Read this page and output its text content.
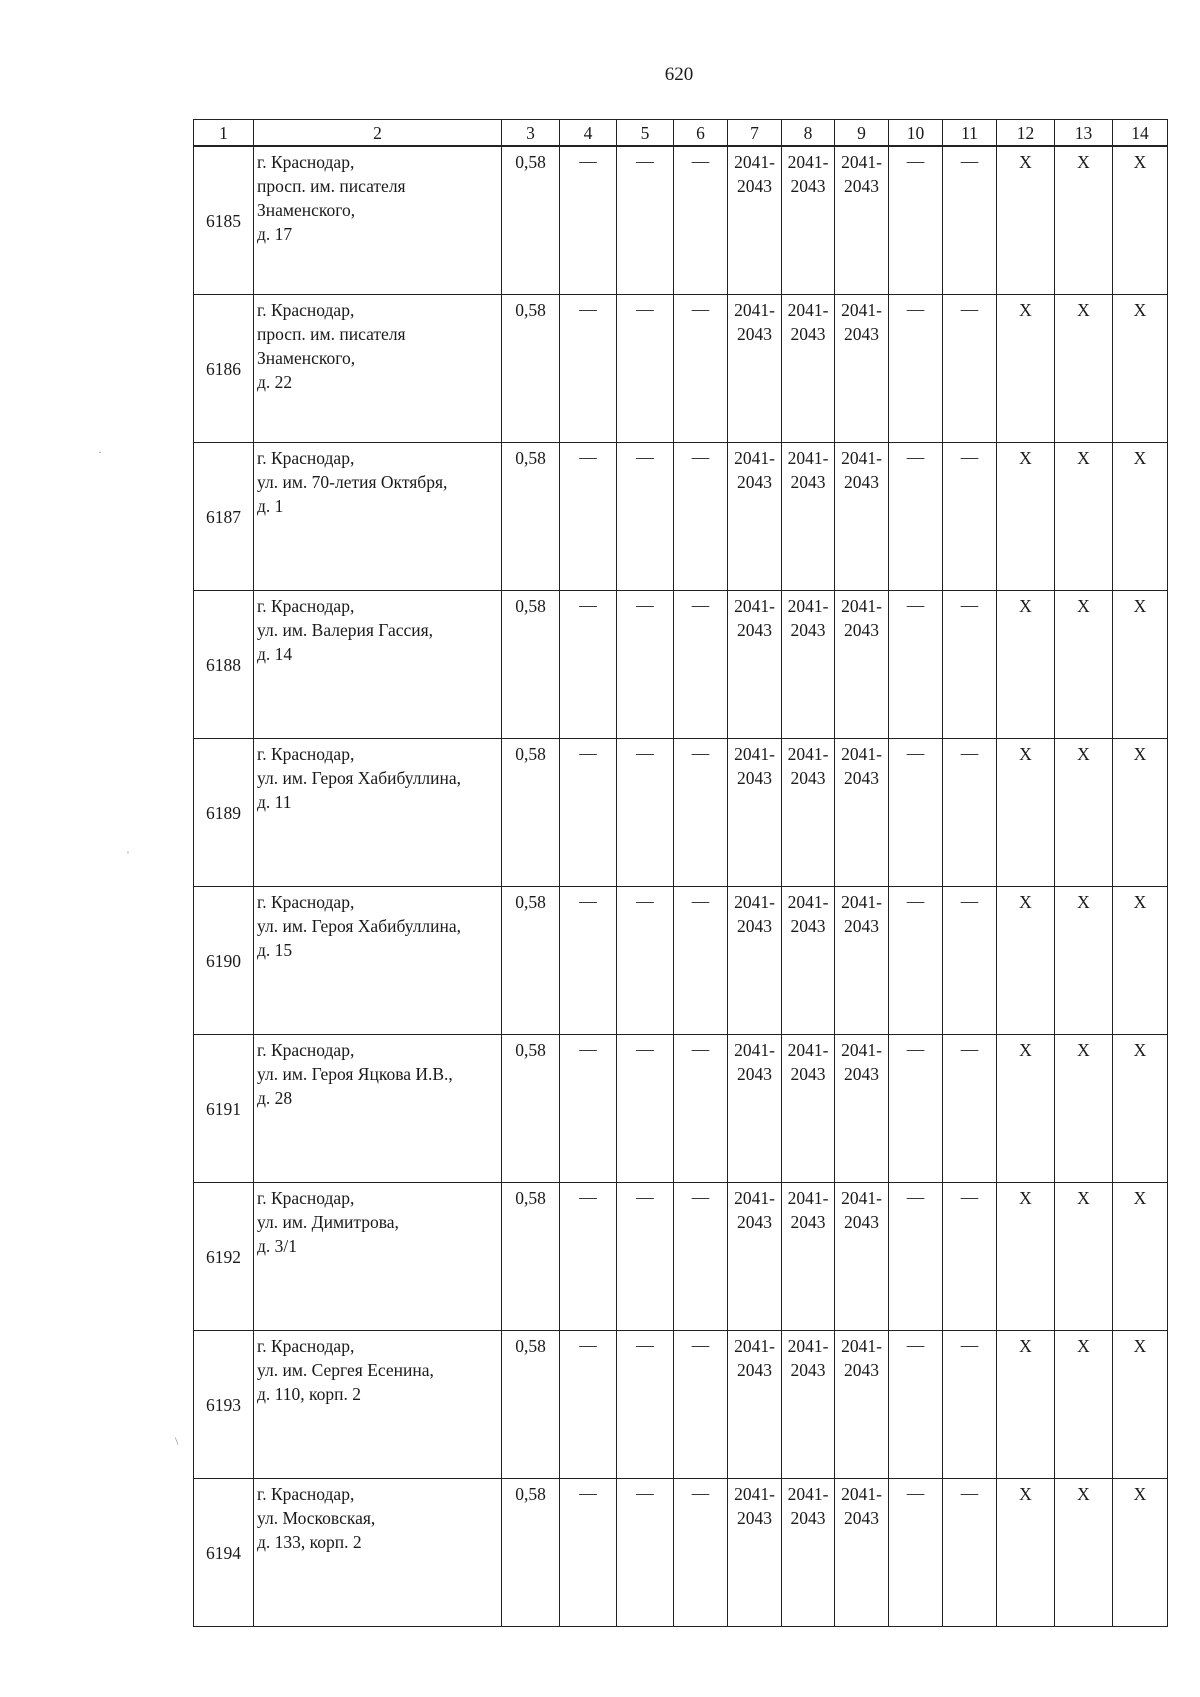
620
·
·
\
1	2	3	4	5	6	7	8	9	10	11	12	13	14
6185	г. Краснодар,
просп. им. писателя
Знаменского,
д. 17	0,58	—	—	—	2041-
2043	2041-
2043	2041-
2043	—	—	Х	Х	Х
6186	г. Краснодар,
просп. им. писателя
Знаменского,
д. 22	0,58	—	—	—	2041-
2043	2041-
2043	2041-
2043	—	—	Х	Х	Х
6187	г. Краснодар,
ул. им. 70-летия Октября,
д. 1	0,58	—	—	—	2041-
2043	2041-
2043	2041-
2043	—	—	Х	Х	Х
6188	г. Краснодар,
ул. им. Валерия Гассия,
д. 14	0,58	—	—	—	2041-
2043	2041-
2043	2041-
2043	—	—	Х	Х	Х
6189	г. Краснодар,
ул. им. Героя Хабибуллина,
д. 11	0,58	—	—	—	2041-
2043	2041-
2043	2041-
2043	—	—	Х	Х	Х
6190	г. Краснодар,
ул. им. Героя Хабибуллина,
д. 15	0,58	—	—	—	2041-
2043	2041-
2043	2041-
2043	—	—	Х	Х	Х
6191	г. Краснодар,
ул. им. Героя Яцкова И.В.,
д. 28	0,58	—	—	—	2041-
2043	2041-
2043	2041-
2043	—	—	Х	Х	Х
6192	г. Краснодар,
ул. им. Димитрова,
д. 3/1	0,58	—	—	—	2041-
2043	2041-
2043	2041-
2043	—	—	Х	Х	Х
6193	г. Краснодар,
ул. им. Сергея Есенина,
д. 110, корп. 2	0,58	—	—	—	2041-
2043	2041-
2043	2041-
2043	—	—	Х	Х	Х
6194	г. Краснодар,
ул. Московская,
д. 133, корп. 2	0,58	—	—	—	2041-
2043	2041-
2043	2041-
2043	—	—	Х	Х	Х
